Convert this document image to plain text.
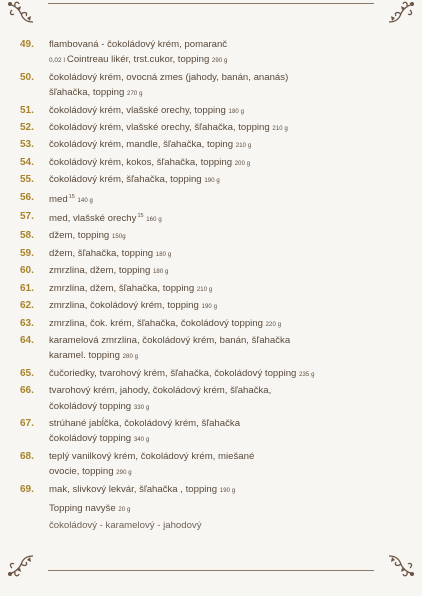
49.	flambovaná - čokoládový krém, pomaranč
0,02 l Cointreau likér, trst.cukor, topping 290 g
50.	čokoládový krém, ovocná zmes (jahody, banán, ananás)
šľahačka, topping 270 g
51.	čokoládový krém, vlašské orechy, topping 180 g
52.	čokoládový krém, vlašské orechy, šľahačka, topping 210 g
53.	čokoládový krém, mandle, šľahačka, toping 210 g
54.	čokoládový krém, kokos, šľahačka, topping 200 g
55.	čokoládový krém, šľahačka, topping 190 g
56.	med$^{15}$ 140 g
57.	med, vlašské orechy$^{15}$ 160 g
58.	džem, topping 150g
59.	džem, šľahačka, topping 180 g
60.	zmrzlina, džem, topping 180 g
61.	zmrzlina, džem, šľahačka, topping 210 g
62.	zmrzlina, čokoládový krém, topping 190 g
63.	zmrzlina, čok. krém, šľahačka, čokoládový topping 220 g
64.	karamelová zmrzlina, čokoládový krém, banán, šľahačka
karamel. topping 280 g
65.	čučoriedky, tvarohový krém, šľahačka, čokoládový topping 235 g
66.	tvarohový krém, jahody, čokoládový krém, šľahačka,
čokoládový topping 330 g
67.	strúhané jabĺčka, čokoládový krém, šľahačka
čokoládový topping 340 g
68.	teplý vanilkový krém, čokoládový krém, miešané
ovocie, topping 290 g
69.	mak, slivkový lekvár, šľahačka , topping 190 g
Topping navyše 20 g
čokoládový - karamelový - jahodový
